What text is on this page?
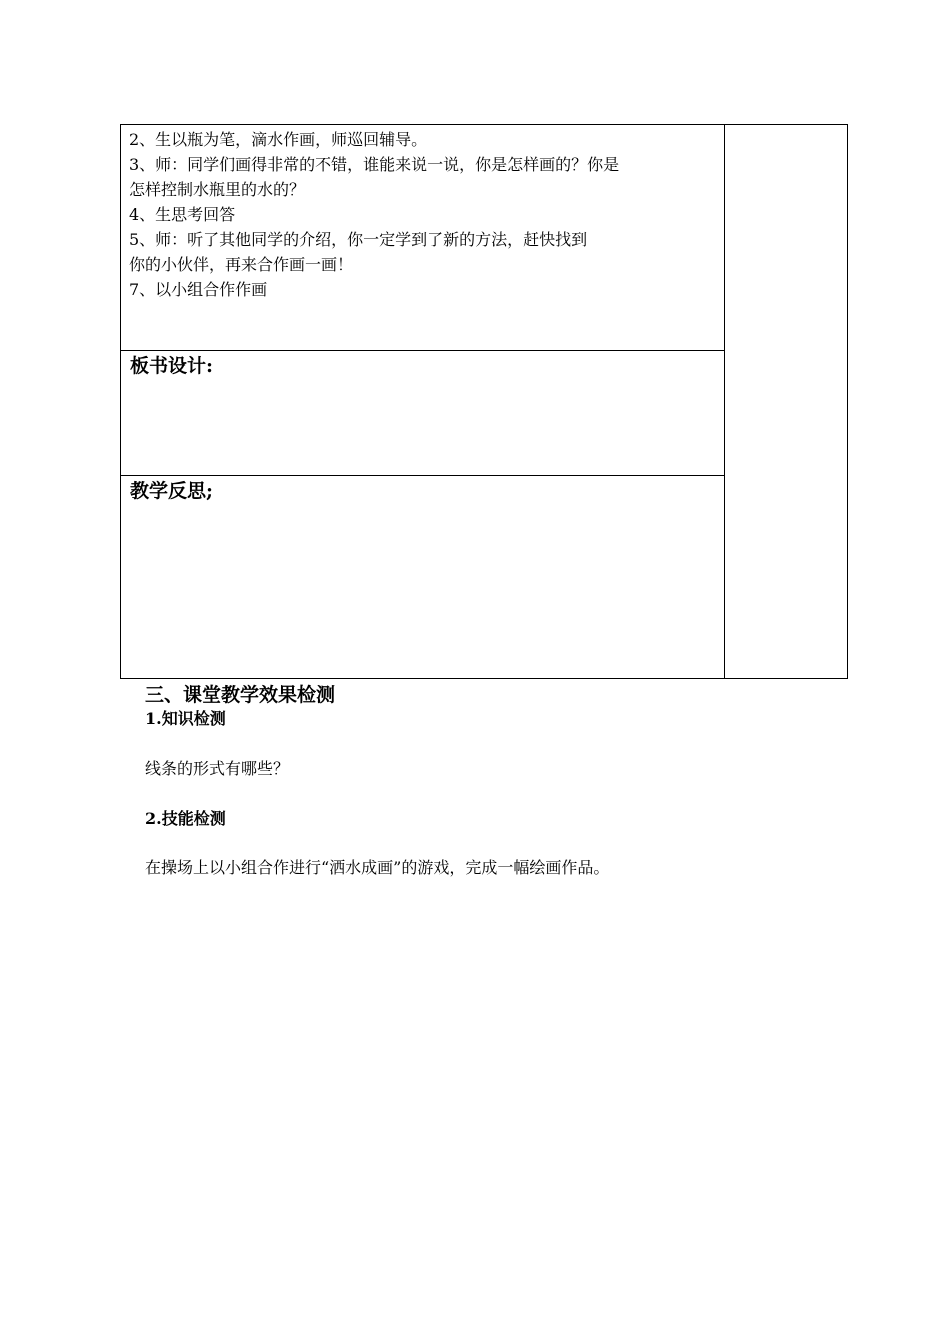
2、生以瓶为笔，滴水作画，师巡回辅导。

3、师：同学们画得非常的不错，谁能来说一说，你是怎样画的？你是

怎样控制水瓶里的水的？

4、生思考回答

5、师：听了其他同学的介绍，你一定学到了新的方法，赶快找到

你的小伙伴，再来合作画一画！

7、以小组合作作画

板书设计:
教学反思;
三、课堂教学效果检测
1.知识检测
线条的形式有哪些？
2.技能检测
在操场上以小组合作进行“洒水成画”的游戏，完成一幅绘画作品。
